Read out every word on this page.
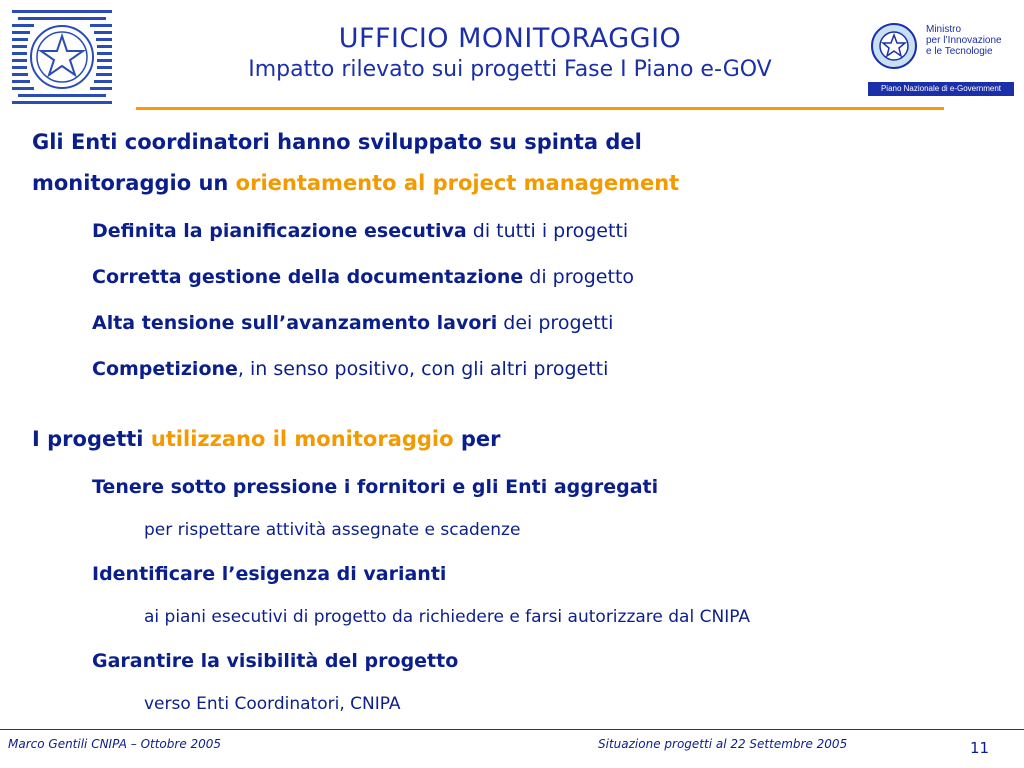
UFFICIO MONITORAGGIO
Impatto rilevato sui progetti Fase I Piano e-GOV
Ministro
per l’Innovazione
e le Tecnologie
Piano Nazionale di e-Government
Gli Enti coordinatori hanno sviluppato su spinta del
monitoraggio un orientamento al project management
Definita la pianificazione esecutiva di tutti i progetti
Corretta gestione della documentazione di progetto
Alta tensione sull’avanzamento lavori dei progetti
Competizione, in senso positivo, con gli altri progetti
I progetti utilizzano il monitoraggio per
Tenere sotto pressione i fornitori e gli Enti aggregati
per rispettare attività assegnate e scadenze
Identificare l’esigenza di varianti
ai piani esecutivi di progetto da richiedere e farsi autorizzare dal CNIPA
Garantire la visibilità del progetto
verso Enti Coordinatori, CNIPA
Marco Gentili CNIPA – Ottobre 2005	Situazione progetti al 22 Settembre 2005	11
